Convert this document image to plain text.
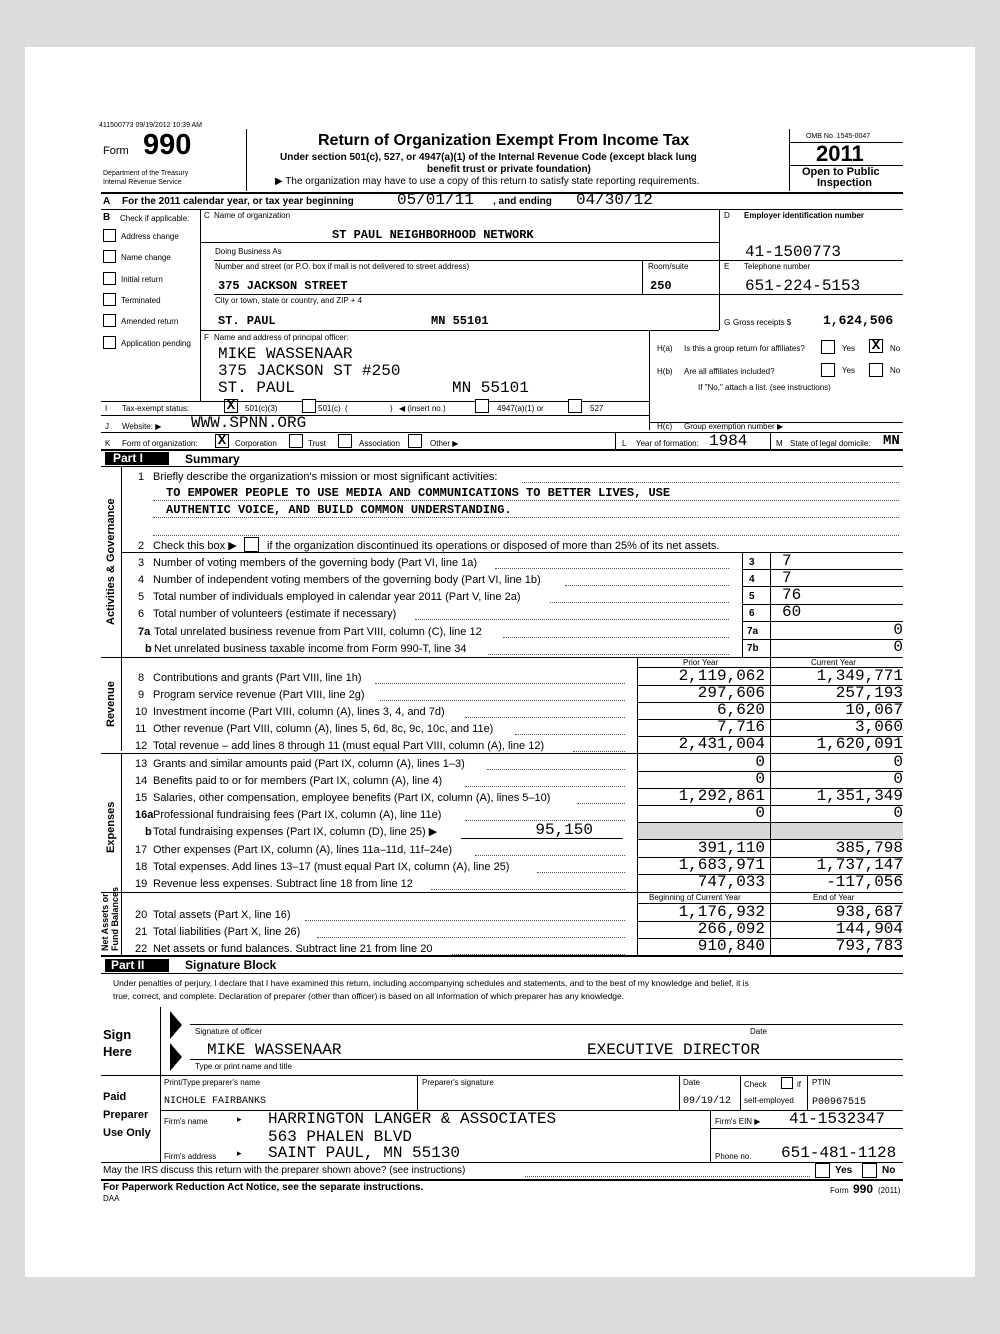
411500773 09/19/2012 10:39 AM
Form 990
Department of the Treasury
Internal Revenue Service
Return of Organization Exempt From Income Tax
Under section 501(c), 527, or 4947(a)(1) of the Internal Revenue Code (except black lung
benefit trust or private foundation)
▶ The organization may have to use a copy of this return to satisfy state reporting requirements.
OMB No. 1545-0047
2011
Open to Public
Inspection
A For the 2011 calendar year, or tax year beginning	05/01/11 , and ending 04/30/12
B Check if applicable:
Address change
Name change
Initial return
Terminated
Amended return
Application pending
C Name of organization
ST PAUL NEIGHBORHOOD NETWORK
Doing Business As
Number and street (or P.O. box if mail is not delivered to street address)	Room/suite
375 JACKSON STREET	250
City or town, state or country, and ZIP + 4
ST. PAUL	MN 55101
F Name and address of principal officer:
MIKE WASSENAAR
375 JACKSON ST #250
ST. PAUL	MN 55101
D Employer identification number
41-1500773
E Telephone number
651-224-5153
G Gross receipts $ 1,624,506
H(a) Is this a group return for affiliates?	Yes X	No
H(b) Are all affiliates included?	Yes	No
If "No," attach a list. (see instructions)
I Tax-exempt status:	X	501(c)(3)	501(c) (	) ◀ (insert no.)	4947(a)(1) or	527
J Website: ▶ WWW.SPNN.ORG	H(c) Group exemption number ▶
K Form of organization: X	Corporation	Trust	Association	Other ▶	L Year of formation: 1984	M State of legal domicile: MN
Part I	Summary
Activities & Governance
1 Briefly describe the organization's mission or most significant activities:
TO EMPOWER PEOPLE TO USE MEDIA AND COMMUNICATIONS TO BETTER LIVES, USE
AUTHENTIC VOICE, AND BUILD COMMON UNDERSTANDING.
2 Check this box ▶	if the organization discontinued its operations or disposed of more than 25% of its net assets.
3 Number of voting members of the governing body (Part VI, line 1a)	3 7
4 Number of independent voting members of the governing body (Part VI, line 1b)	4 7
5 Total number of individuals employed in calendar year 2011 (Part V, line 2a)	5 76
6 Total number of volunteers (estimate if necessary)	6 60
7a Total unrelated business revenue from Part VIII, column (C), line 12	7a	0
b Net unrelated business taxable income from Form 990-T, line 34	7b	0
Prior Year	Current Year
Revenue
8 Contributions and grants (Part VIII, line 1h)	2,119,062	1,349,771
9 Program service revenue (Part VIII, line 2g)	297,606	257,193
10 Investment income (Part VIII, column (A), lines 3, 4, and 7d)	6,620	10,067
11 Other revenue (Part VIII, column (A), lines 5, 6d, 8c, 9c, 10c, and 11e)	7,716	3,060
12 Total revenue – add lines 8 through 11 (must equal Part VIII, column (A), line 12)	2,431,004	1,620,091
Expenses
13 Grants and similar amounts paid (Part IX, column (A), lines 1–3)	0	0
14 Benefits paid to or for members (Part IX, column (A), line 4)	0	0
15 Salaries, other compensation, employee benefits (Part IX, column (A), lines 5–10)	1,292,861	1,351,349
16a Professional fundraising fees (Part IX, column (A), line 11e)	0	0
b Total fundraising expenses (Part IX, column (D), line 25) ▶	95,150
17 Other expenses (Part IX, column (A), lines 11a–11d, 11f–24e)	391,110	385,798
18 Total expenses. Add lines 13–17 (must equal Part IX, column (A), line 25)	1,683,971	1,737,147
19 Revenue less expenses. Subtract line 18 from line 12	747,033	-117,056
Beginning of Current Year	End of Year
Net Assets or Fund Balances 20 Total assets (Part X, line 16)	1,176,932	938,687
21 Total liabilities (Part X, line 26)	266,092	144,904
22 Net assets or fund balances. Subtract line 21 from line 20	910,840	793,783
Part II	Signature Block
Under penalties of perjury, I declare that I have examined this return, including accompanying schedules and statements, and to the best of my knowledge and belief, it is
true, correct, and complete. Declaration of preparer (other than officer) is based on all information of which preparer has any knowledge.
Sign
Here
Signature of officer	Date
MIKE WASSENAAR	EXECUTIVE DIRECTOR
Type or print name and title
Paid
Preparer
Use Only
Print/Type preparer's name	Preparer's signature	Date	Check	if
self-employed
PTIN
NICHOLE FAIRBANKS	09/19/12	P00967515
Firm's name	▸ HARRINGTON LANGER & ASSOCIATES	Firm's EIN ▶ 41-1532347
563 PHALEN BLVD
Firm's address ▸ SAINT PAUL, MN 55130	Phone no. 651-481-1128
May the IRS discuss this return with the preparer shown above? (see instructions)	Yes	No
For Paperwork Reduction Act Notice, see the separate instructions.
DAA
Form 990 (2011)
